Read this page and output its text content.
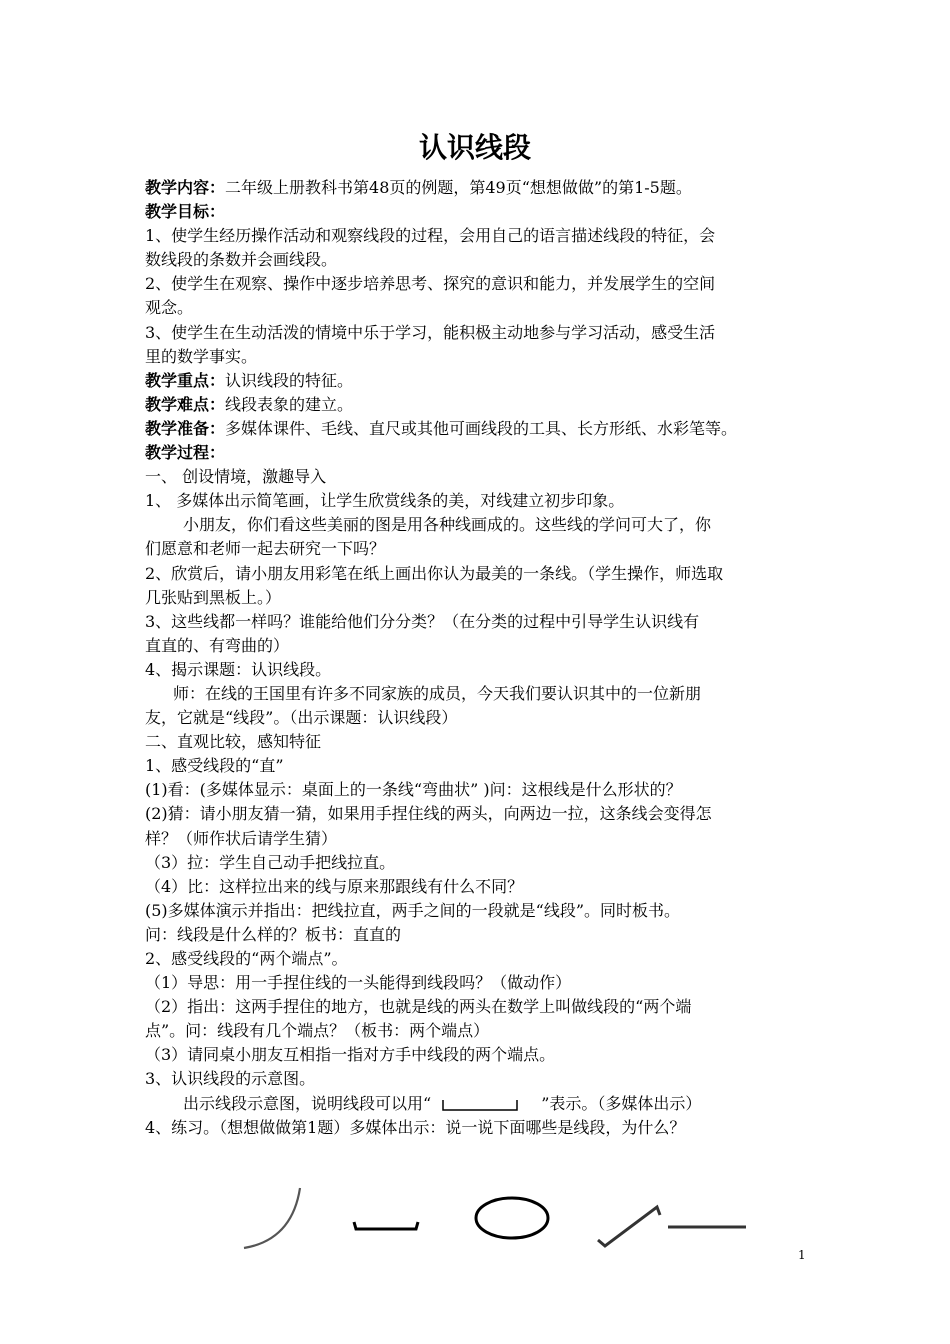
认识线段
教学内容：二年级上册教科书第48页的例题，第49页“想想做做”的第1-5题。
教学目标：
1、使学生经历操作活动和观察线段的过程，会用自己的语言描述线段的特征，会
数线段的条数并会画线段。
2、使学生在观察、操作中逐步培养思考、探究的意识和能力，并发展学生的空间
观念。
3、使学生在生动活泼的情境中乐于学习，能积极主动地参与学习活动，感受生活
里的数学事实。
教学重点：认识线段的特征。
教学难点：线段表象的建立。
教学准备：多媒体课件、毛线、直尺或其他可画线段的工具、长方形纸、水彩笔等。
教学过程：
一、 创设情境，激趣导入
1、 多媒体出示简笔画，让学生欣赏线条的美，对线建立初步印象。
小朋友，你们看这些美丽的图是用各种线画成的。这些线的学问可大了，你
们愿意和老师一起去研究一下吗？
2、欣赏后，请小朋友用彩笔在纸上画出你认为最美的一条线。（学生操作，师选取
几张贴到黑板上。）
3、这些线都一样吗？谁能给他们分分类？（在分类的过程中引导学生认识线有
直直的、有弯曲的）
4、揭示课题：认识线段。
师：在线的王国里有许多不同家族的成员，今天我们要认识其中的一位新朋
友，它就是“线段”。（出示课题：认识线段）
二、直观比较，感知特征
1、感受线段的“直”
(1)看：(多媒体显示：桌面上的一条线“弯曲状” )问：这根线是什么形状的？
(2)猜：请小朋友猜一猜，如果用手捏住线的两头，向两边一拉，这条线会变得怎
样？（师作状后请学生猜）
（3）拉：学生自己动手把线拉直。
（4）比：这样拉出来的线与原来那跟线有什么不同？
(5)多媒体演示并指出：把线拉直，两手之间的一段就是“线段”。同时板书。
问：线段是什么样的？板书：直直的
2、感受线段的“两个端点”。
（1）导思：用一手捏住线的一头能得到线段吗？（做动作）
（2）指出：这两手捏住的地方，也就是线的两头在数学上叫做线段的“两个端
点”。问：线段有几个端点？（板书：两个端点）
（3）请同桌小朋友互相指一指对方手中线段的两个端点。
3、认识线段的示意图。
出示线段示意图，说明线段可以用“	”表示。（多媒体出示）
4、练习。（想想做做第1题）多媒体出示：说一说下面哪些是线段，为什么？
1
